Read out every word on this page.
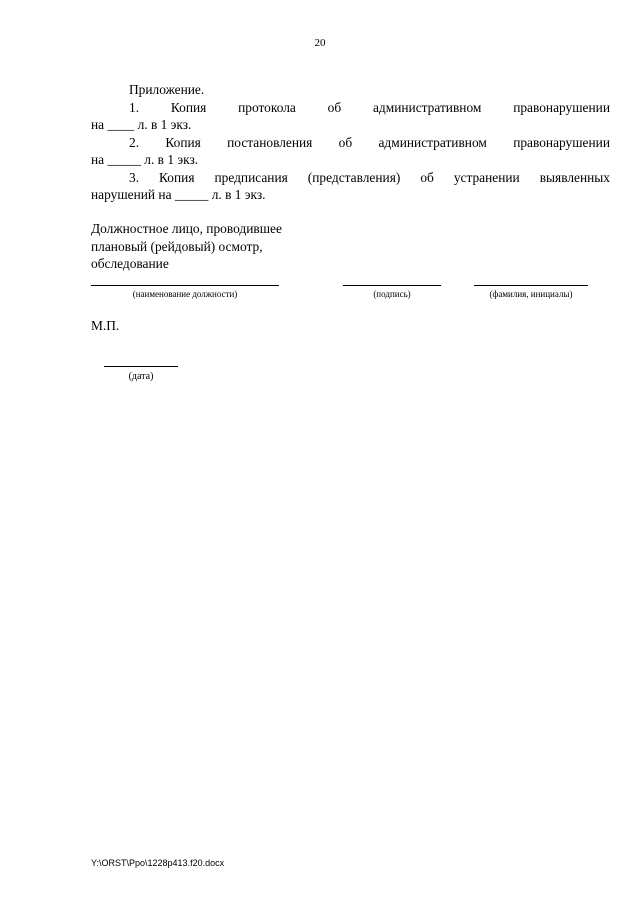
20
Приложение.
1. Копия протокола об административном правонарушении
на ____ л. в 1 экз.
2. Копия постановления об административном правонарушении
на _____ л. в 1 экз.
3. Копия предписания (представления) об устранении выявленных
нарушений на _____ л. в 1 экз.
Должностное лицо, проводившее
плановый (рейдовый) осмотр,
обследование
(наименование должности)	(подпись)	(фамилия, инициалы)
М.П.
(дата)
Y:\ORST\Ppo\1228p413.f20.docx
